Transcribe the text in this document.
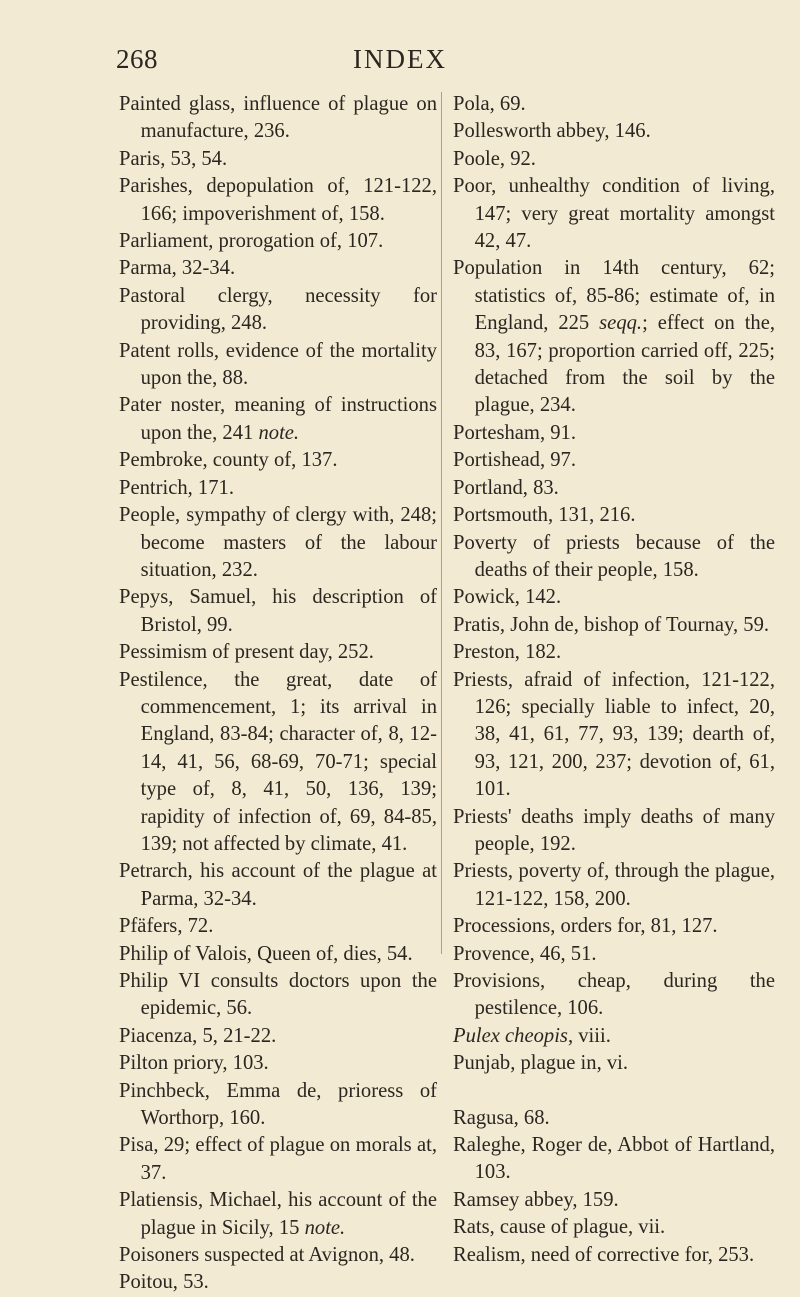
268	INDEX

Painted glass, influence of plague on manufacture, 236.

Paris, 53, 54.

Parishes, depopulation of, 121-122, 166; impoverishment of, 158.

Parliament, prorogation of, 107.

Parma, 32-34.

Pastoral clergy, necessity for providing, 248.

Patent rolls, evidence of the mortality upon the, 88.

Pater noster, meaning of instructions upon the, 241 note.

Pembroke, county of, 137.

Pentrich, 171.

People, sympathy of clergy with, 248; become masters of the labour situation, 232.

Pepys, Samuel, his description of Bristol, 99.

Pessimism of present day, 252.

Pestilence, the great, date of commencement, 1; its arrival in England, 83-84; character of, 8, 12-14, 41, 56, 68-69, 70-71; special type of, 8, 41, 50, 136, 139; rapidity of infection of, 69, 84-85, 139; not affected by climate, 41.

Petrarch, his account of the plague at Parma, 32-34.

Pfäfers, 72.

Philip of Valois, Queen of, dies, 54.

Philip VI consults doctors upon the epidemic, 56.

Piacenza, 5, 21-22.

Pilton priory, 103.

Pinchbeck, Emma de, prioress of Worthorp, 160.

Pisa, 29; effect of plague on morals at, 37.

Platiensis, Michael, his account of the plague in Sicily, 15 note.

Poisoners suspected at Avignon, 48.

Poitou, 53.

Pola, 69.

Pollesworth abbey, 146.

Poole, 92.

Poor, unhealthy condition of living, 147; very great mortality amongst 42, 47.

Population in 14th century, 62; statistics of, 85-86; estimate of, in England, 225 seqq.; effect on the, 83, 167; proportion carried off, 225; detached from the soil by the plague, 234.

Portesham, 91.

Portishead, 97.

Portland, 83.

Portsmouth, 131, 216.

Poverty of priests because of the deaths of their people, 158.

Powick, 142.

Pratis, John de, bishop of Tournay, 59.

Preston, 182.

Priests, afraid of infection, 121-122, 126; specially liable to infect, 20, 38, 41, 61, 77, 93, 139; dearth of, 93, 121, 200, 237; devotion of, 61, 101.

Priests' deaths imply deaths of many people, 192.

Priests, poverty of, through the plague, 121-122, 158, 200.

Processions, orders for, 81, 127.

Provence, 46, 51.

Provisions, cheap, during the pestilence, 106.

Pulex cheopis, viii.

Punjab, plague in, vi.

Ragusa, 68.

Raleghe, Roger de, Abbot of Hartland, 103.

Ramsey abbey, 159.

Rats, cause of plague, vii.

Realism, need of corrective for, 253.
